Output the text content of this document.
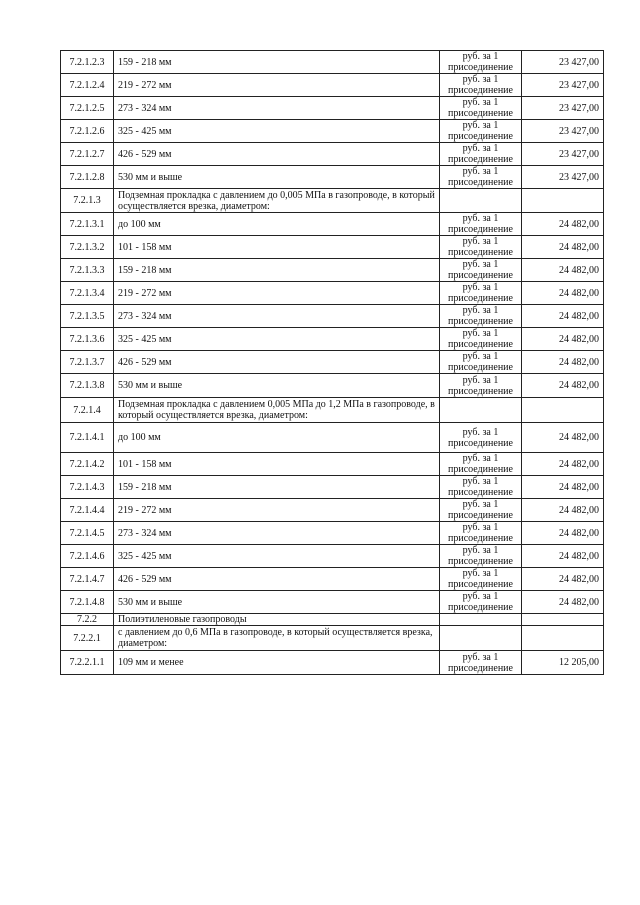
7.2.1.2.3	159 - 218 мм	руб. за 1
присоединение	23 427,00
7.2.1.2.4	219 - 272 мм	руб. за 1
присоединение	23 427,00
7.2.1.2.5	273 - 324 мм	руб. за 1
присоединение	23 427,00
7.2.1.2.6	325 - 425 мм	руб. за 1
присоединение	23 427,00
7.2.1.2.7	426 - 529 мм	руб. за 1
присоединение	23 427,00
7.2.1.2.8	530 мм и выше	руб. за 1
присоединение	23 427,00
7.2.1.3	Подземная прокладка с давлением до 0,005 МПа в газопроводе, в который осуществляется врезка, диаметром:	

7.2.1.3.1	до 100 мм	руб. за 1
присоединение	24 482,00
7.2.1.3.2	101 - 158 мм	руб. за 1
присоединение	24 482,00
7.2.1.3.3	159 - 218 мм	руб. за 1
присоединение	24 482,00
7.2.1.3.4	219 - 272 мм	руб. за 1
присоединение	24 482,00
7.2.1.3.5	273 - 324 мм	руб. за 1
присоединение	24 482,00
7.2.1.3.6	325 - 425 мм	руб. за 1
присоединение	24 482,00
7.2.1.3.7	426 - 529 мм	руб. за 1
присоединение	24 482,00
7.2.1.3.8	530 мм и выше	руб. за 1
присоединение	24 482,00
7.2.1.4	Подземная прокладка с давлением 0,005 МПа до 1,2 МПа в газопроводе, в который осуществляется врезка, диаметром:	

7.2.1.4.1	до 100 мм	руб. за 1
присоединение	24 482,00
7.2.1.4.2	101 - 158 мм	руб. за 1
присоединение	24 482,00
7.2.1.4.3	159 - 218 мм	руб. за 1
присоединение	24 482,00
7.2.1.4.4	219 - 272 мм	руб. за 1
присоединение	24 482,00
7.2.1.4.5	273 - 324 мм	руб. за 1
присоединение	24 482,00
7.2.1.4.6	325 - 425 мм	руб. за 1
присоединение	24 482,00
7.2.1.4.7	426 - 529 мм	руб. за 1
присоединение	24 482,00
7.2.1.4.8	530 мм и выше	руб. за 1
присоединение	24 482,00
7.2.2	Полиэтиленовые газопроводы	

7.2.2.1	с давлением до 0,6 МПа в газопроводе, в который осуществляется врезка, диаметром:	

7.2.2.1.1	109 мм и менее	руб. за 1
присоединение	12 205,00
